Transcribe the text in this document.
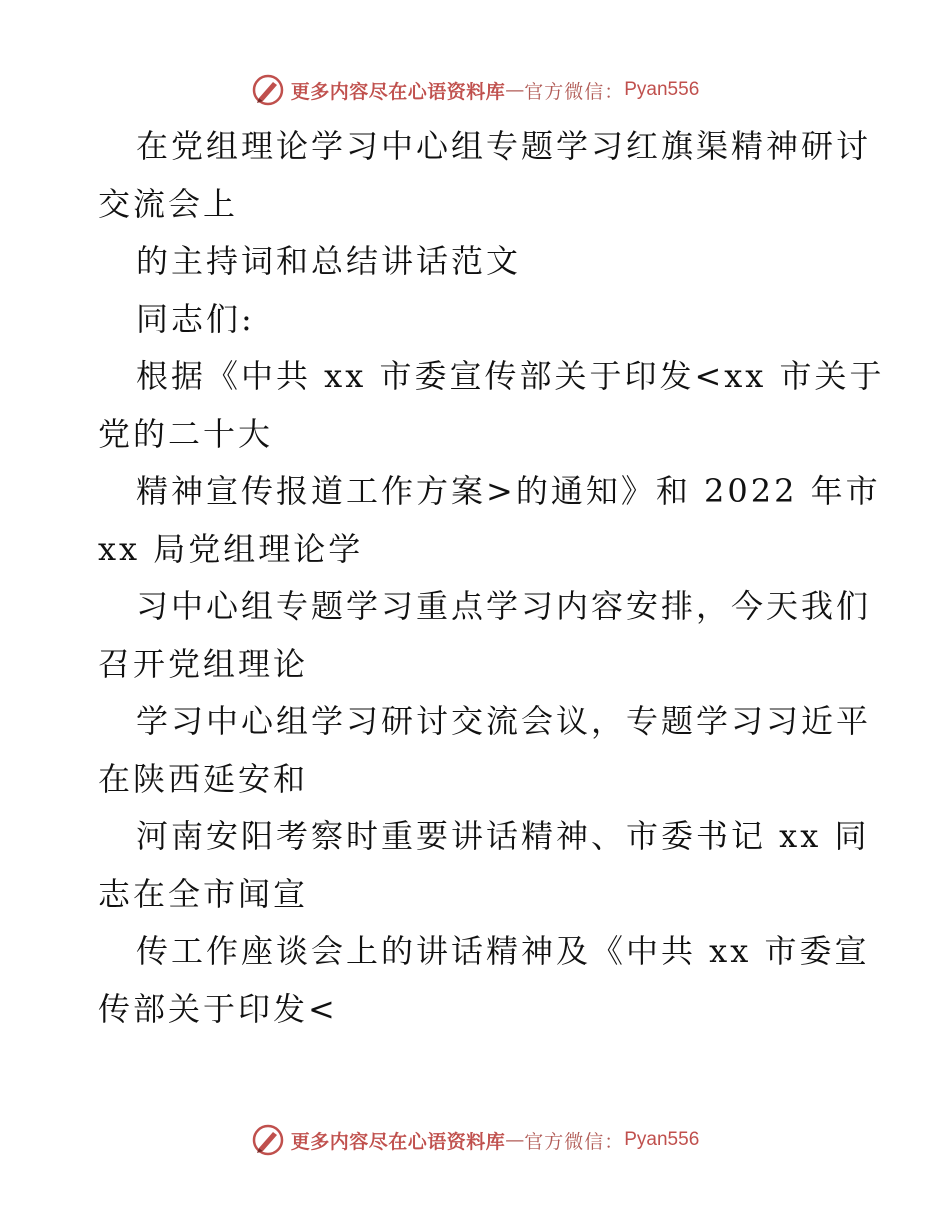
更多内容尽在心语资料库 — 官方微信： Pyan556
在党组理论学习中心组专题学习红旗渠精神研讨
交流会上
的主持词和总结讲话范文
同志们:
根据《中共 xx 市委宣传部关于印发<xx 市关于
党的二十大
精神宣传报道工作方案>的通知》和 2022 年市
xx 局党组理论学
习中心组专题学习重点学习内容安排，今天我们
召开党组理论
学习中心组学习研讨交流会议，专题学习习近平
在陕西延安和
河南安阳考察时重要讲话精神、市委书记 xx 同
志在全市闻宣
传工作座谈会上的讲话精神及《中共 xx 市委宣
传部关于印发<
更多内容尽在心语资料库 — 官方微信： Pyan556
